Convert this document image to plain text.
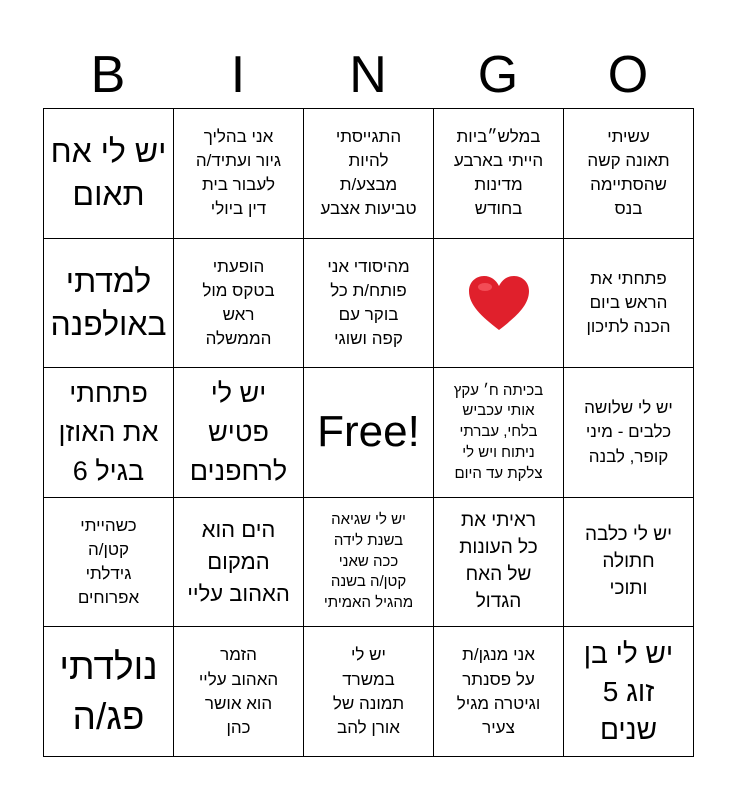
B	I	N	G	O
יש לי אח
תאום
אני בהליך
גיור ועתיד/ה
לעבור בית
דין ביולי
התגייסתי
להיות
מבצע/ת
טביעות אצבע
במלש״ביות
הייתי בארבע
מדינות
בחודש
עשיתי
תאונה קשה
שהסתיימה
בנס
למדתי
באולפנה
הופעתי
בטקס מול
ראש
הממשלה
מהיסודי אני
פותח/ת כל
בוקר עם
קפה ושוגי
פתחתי את
הראש ביום
הכנה לתיכון
פתחתי
את האוזן
בגיל 6
יש לי
פטיש
לרחפנים
Free!
בכיתה ח׳ עקץ
אותי עכביש
בלחי, עברתי
ניתוח ויש לי
צלקת עד היום
יש לי שלושה
כלבים - מיני
קופר, לבנה
כשהייתי
קטן/ה
גידלתי
אפרוחים
הים הוא
המקום
האהוב עליי
יש לי שגיאה
בשנת לידה
ככה שאני
קטן/ה בשנה
מהגיל האמיתי
ראיתי את
כל העונות
של האח
הגדול
יש לי כלבה
חתולה
ותוכי
נולדתי
פג/ה
הזמר
האהוב עליי
הוא אושר
כהן
יש לי
במשרד
תמונה של
אורן להב
אני מנגן/ת
על פסנתר
וגיטרה מגיל
צעיר
יש לי בן
זוג 5
שנים
